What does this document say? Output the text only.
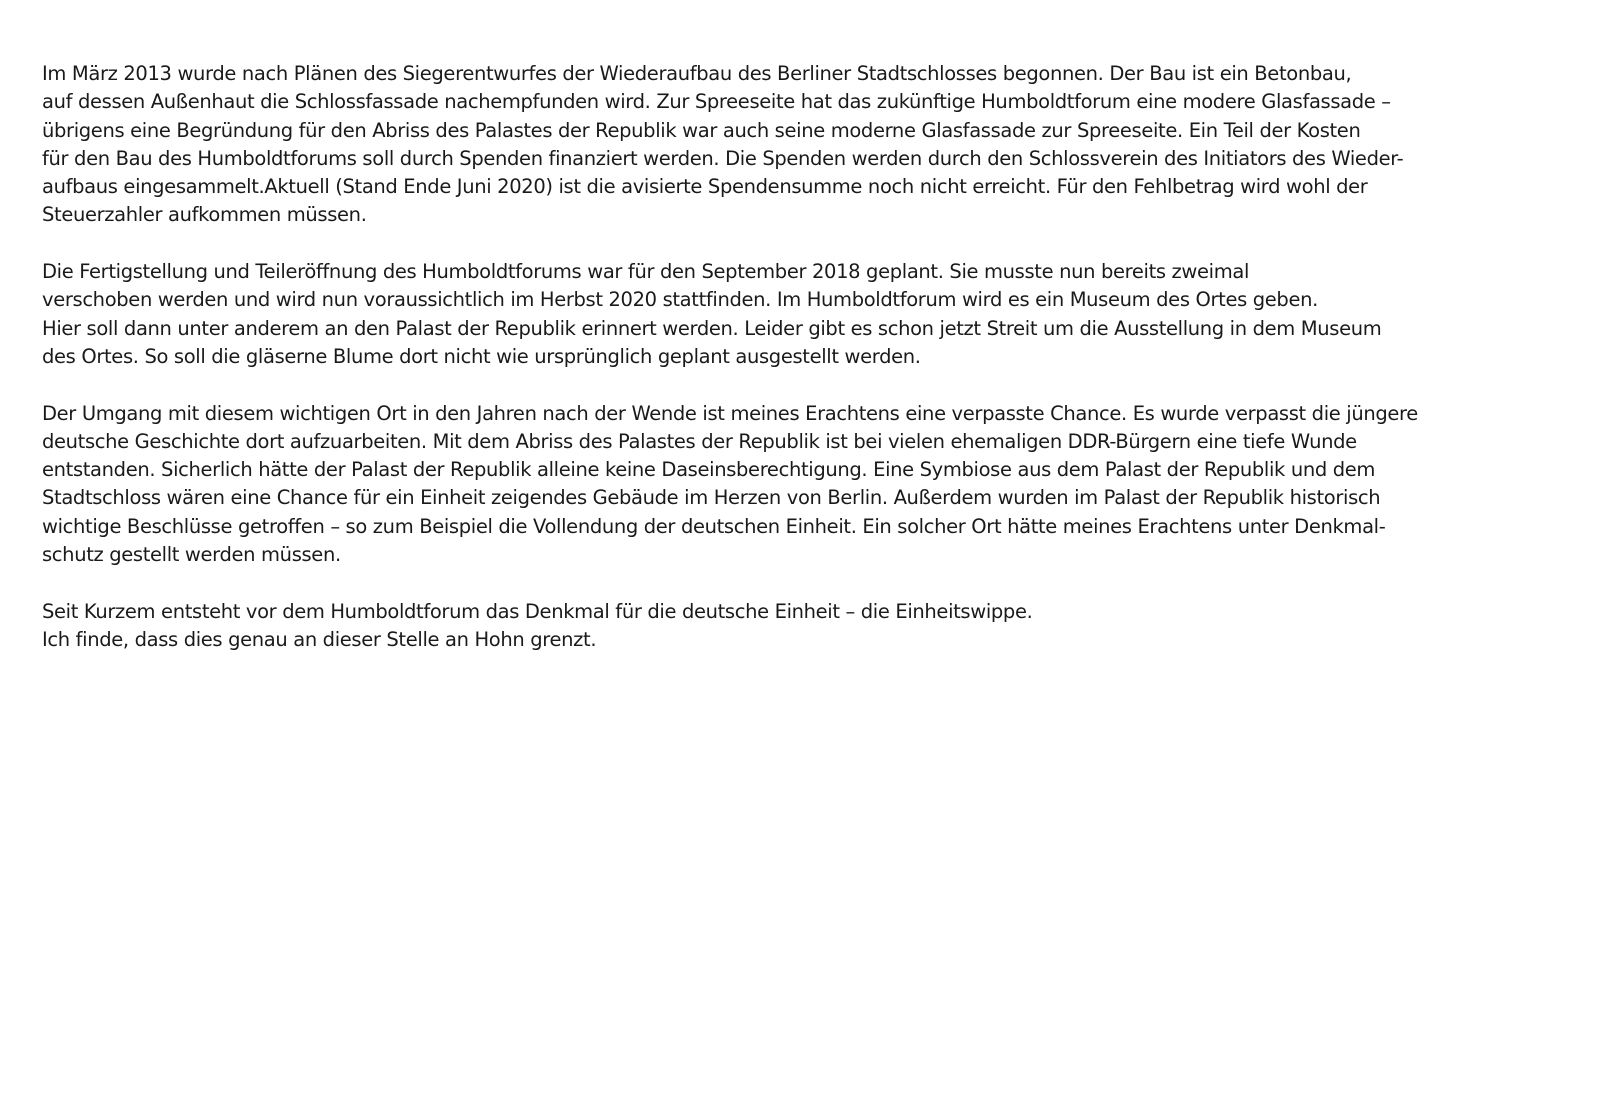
Im März 2013 wurde nach Plänen des Siegerentwurfes der Wiederaufbau des Berliner Stadtschlosses begonnen. Der Bau ist ein Betonbau,
auf dessen Außenhaut die Schlossfassade nachempfunden wird. Zur Spreeseite hat das zukünftige Humboldtforum eine modere Glasfassade –
übrigens eine Begründung für den Abriss des Palastes der Republik war auch seine moderne Glasfassade zur Spreeseite. Ein Teil der Kosten
für den Bau des Humboldtforums soll durch Spenden finanziert werden. Die Spenden werden durch den Schlossverein des Initiators des Wieder-
aufbaus eingesammelt.Aktuell (Stand Ende Juni 2020) ist die avisierte Spendensumme noch nicht erreicht. Für den Fehlbetrag wird wohl der
Steuerzahler aufkommen müssen.

Die Fertigstellung und Teileröffnung des Humboldtforums war für den September 2018 geplant. Sie musste nun bereits zweimal
verschoben werden und wird nun voraussichtlich im Herbst 2020 stattfinden. Im Humboldtforum wird es ein Museum des Ortes geben.
Hier soll dann unter anderem an den Palast der Republik erinnert werden. Leider gibt es schon jetzt Streit um die Ausstellung in dem Museum
des Ortes. So soll die gläserne Blume dort nicht wie ursprünglich geplant ausgestellt werden.

Der Umgang mit diesem wichtigen Ort in den Jahren nach der Wende ist meines Erachtens eine verpasste Chance. Es wurde verpasst die jüngere
deutsche Geschichte dort aufzuarbeiten. Mit dem Abriss des Palastes der Republik ist bei vielen ehemaligen DDR-Bürgern eine tiefe Wunde
entstanden. Sicherlich hätte der Palast der Republik alleine keine Daseinsberechtigung. Eine Symbiose aus dem Palast der Republik und dem
Stadtschloss wären eine Chance für ein Einheit zeigendes Gebäude im Herzen von Berlin. Außerdem wurden im Palast der Republik historisch
wichtige Beschlüsse getroffen – so zum Beispiel die Vollendung der deutschen Einheit. Ein solcher Ort hätte meines Erachtens unter Denkmal-
schutz gestellt werden müssen.

Seit Kurzem entsteht vor dem Humboldtforum das Denkmal für die deutsche Einheit – die Einheitswippe.
Ich finde, dass dies genau an dieser Stelle an Hohn grenzt.
